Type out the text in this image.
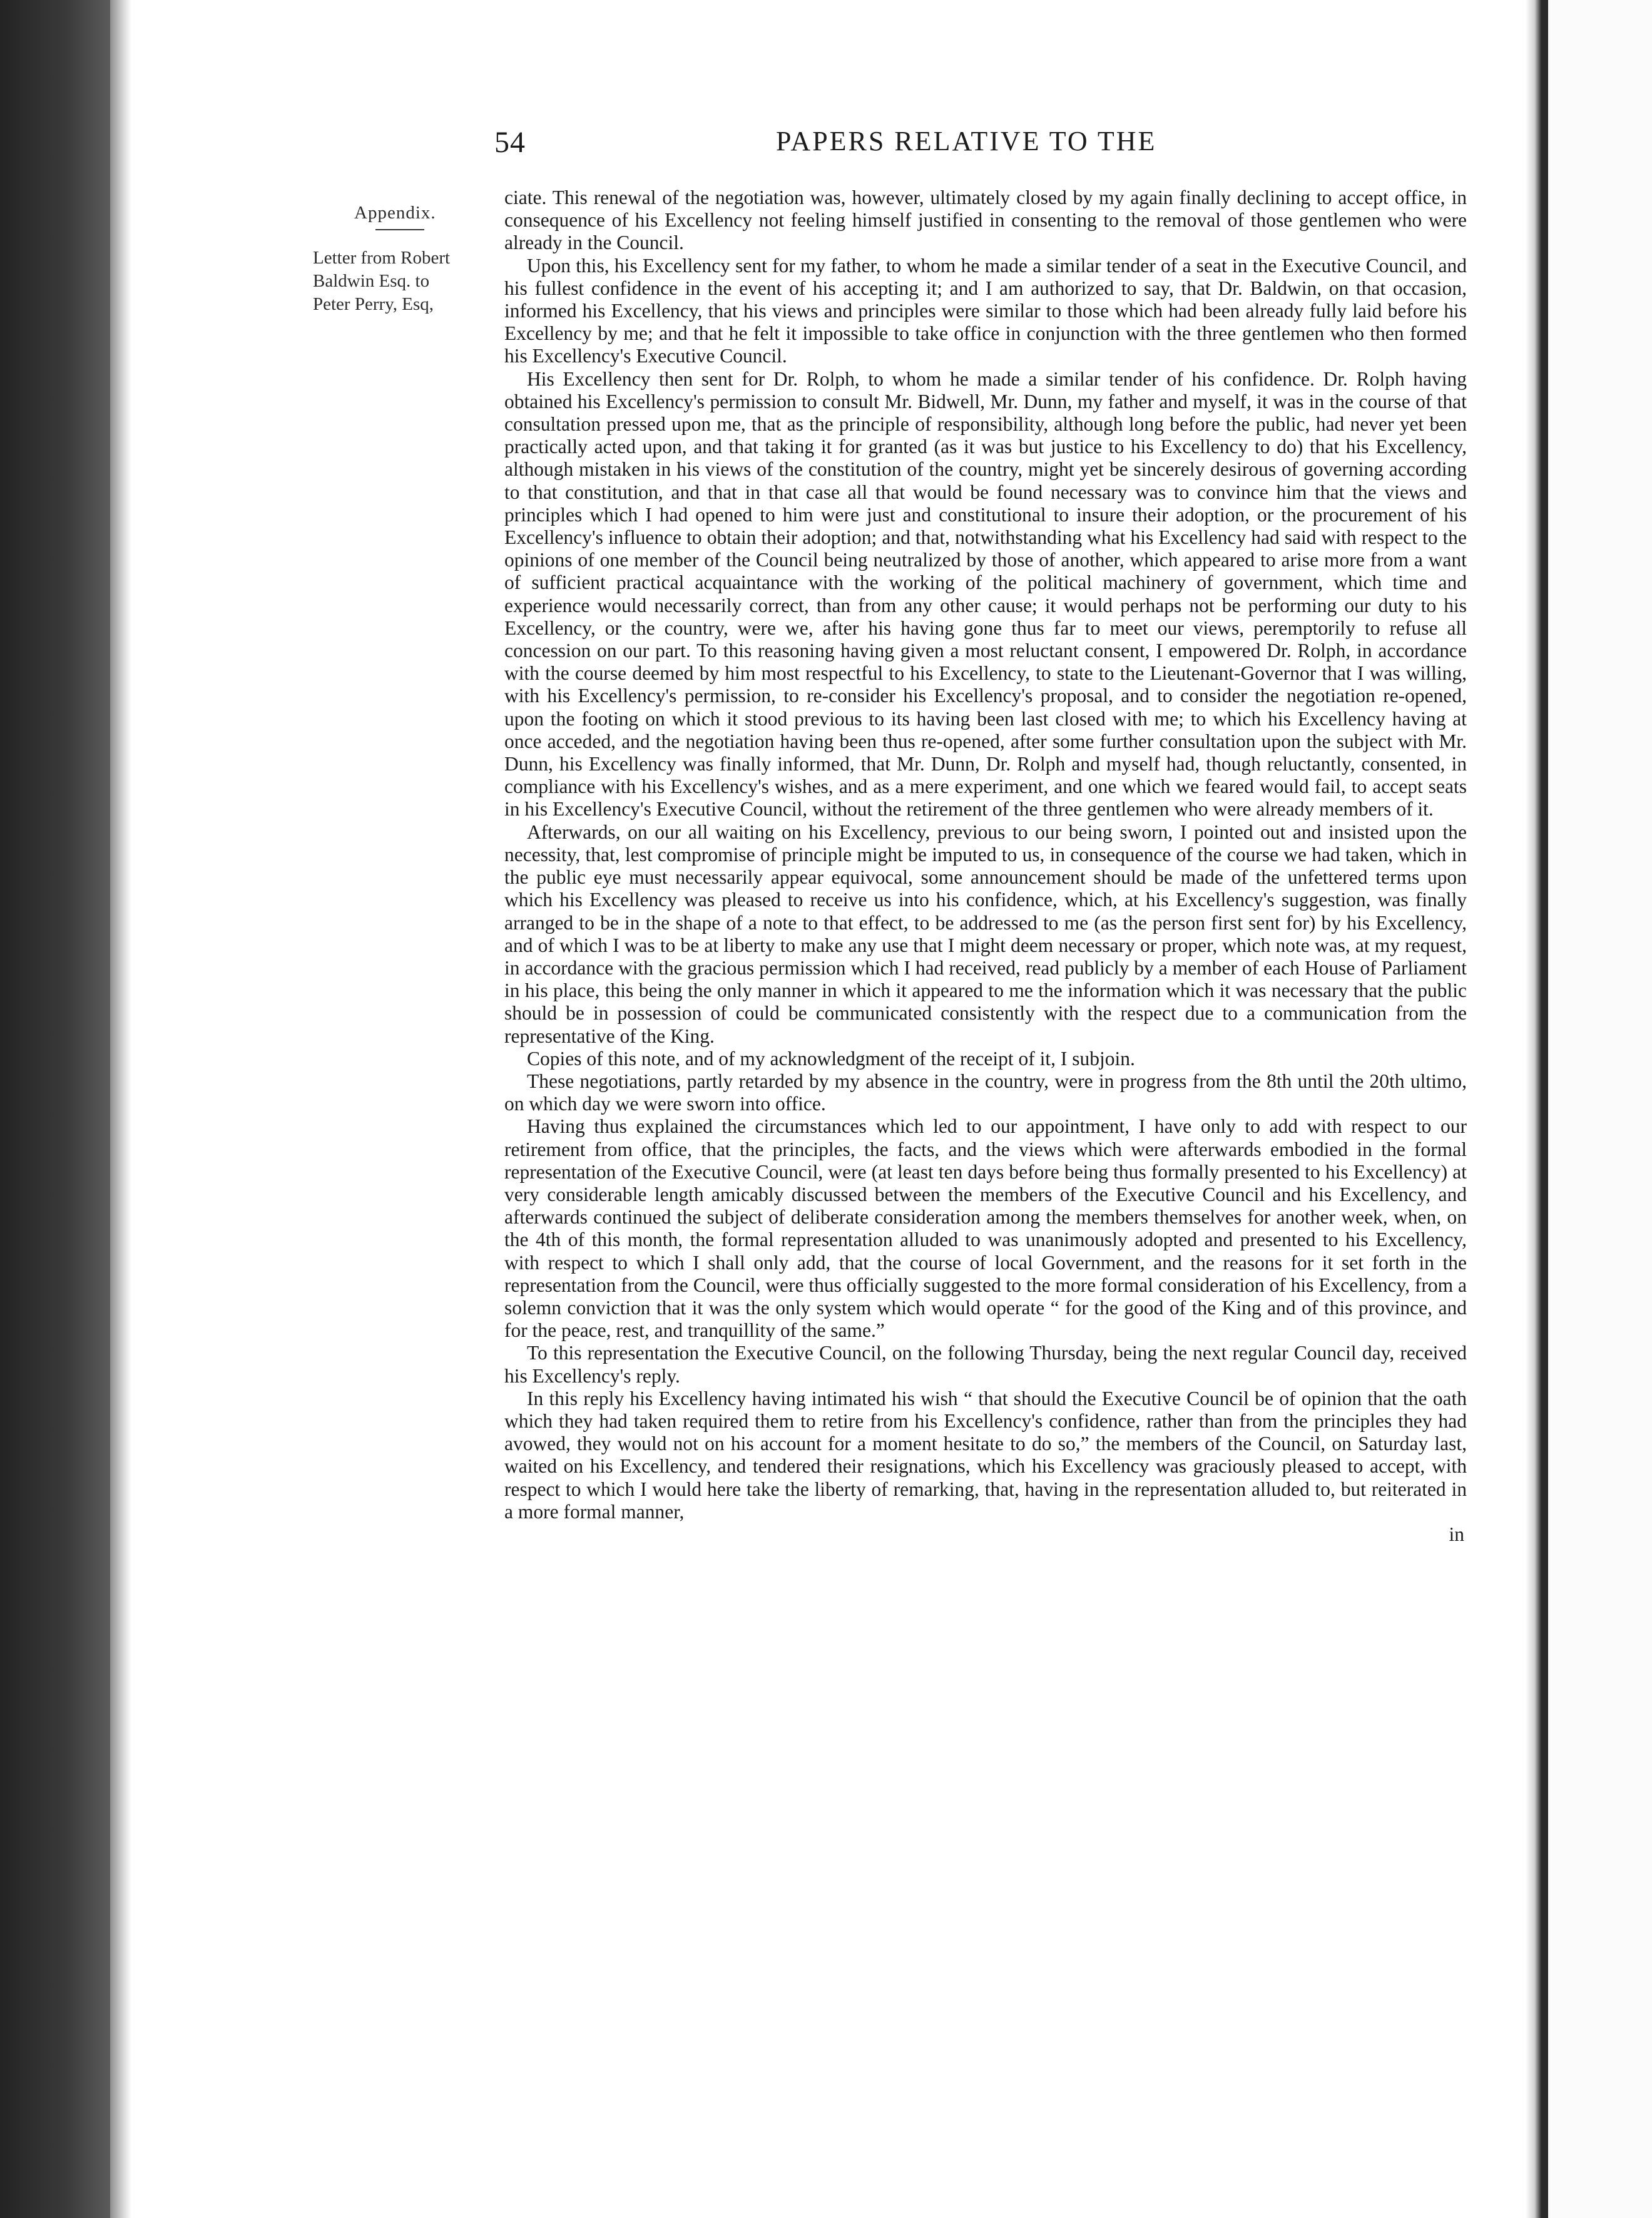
54	PAPERS RELATIVE TO THE
Appendix.
Letter from Robert
Baldwin Esq. to
Peter Perry, Esq,

ciate. This renewal of the negotiation was, however, ultimately closed by my again finally declining to accept office, in consequence of his Excellency not feeling himself justified in consenting to the removal of those gentlemen who were already in the Council.

Upon this, his Excellency sent for my father, to whom he made a similar tender of a seat in the Executive Council, and his fullest confidence in the event of his accepting it; and I am authorized to say, that Dr. Baldwin, on that occasion, informed his Excellency, that his views and principles were similar to those which had been already fully laid before his Excellency by me; and that he felt it impossible to take office in conjunction with the three gentlemen who then formed his Excellency's Executive Council.

His Excellency then sent for Dr. Rolph, to whom he made a similar tender of his confidence. Dr. Rolph having obtained his Excellency's permission to consult Mr. Bidwell, Mr. Dunn, my father and myself, it was in the course of that consultation pressed upon me, that as the principle of responsibility, although long before the public, had never yet been practically acted upon, and that taking it for granted (as it was but justice to his Excellency to do) that his Excellency, although mistaken in his views of the constitution of the country, might yet be sincerely desirous of governing according to that constitution, and that in that case all that would be found necessary was to convince him that the views and principles which I had opened to him were just and constitutional to insure their adoption, or the procurement of his Excellency's influence to obtain their adoption; and that, notwithstanding what his Excellency had said with respect to the opinions of one member of the Council being neutralized by those of another, which appeared to arise more from a want of sufficient practical acquaintance with the working of the political machinery of government, which time and experience would necessarily correct, than from any other cause; it would perhaps not be performing our duty to his Excellency, or the country, were we, after his having gone thus far to meet our views, peremptorily to refuse all concession on our part. To this reasoning having given a most reluctant consent, I empowered Dr. Rolph, in accordance with the course deemed by him most respectful to his Excellency, to state to the Lieutenant-Governor that I was willing, with his Excellency's permission, to re-consider his Excellency's proposal, and to consider the negotiation re-opened, upon the footing on which it stood previous to its having been last closed with me; to which his Excellency having at once acceded, and the negotiation having been thus re-opened, after some further consultation upon the subject with Mr. Dunn, his Excellency was finally informed, that Mr. Dunn, Dr. Rolph and myself had, though reluctantly, consented, in compliance with his Excellency's wishes, and as a mere experiment, and one which we feared would fail, to accept seats in his Excellency's Executive Council, without the retirement of the three gentlemen who were already members of it.

Afterwards, on our all waiting on his Excellency, previous to our being sworn, I pointed out and insisted upon the necessity, that, lest compromise of principle might be imputed to us, in consequence of the course we had taken, which in the public eye must necessarily appear equivocal, some announcement should be made of the unfettered terms upon which his Excellency was pleased to receive us into his confidence, which, at his Excellency's suggestion, was finally arranged to be in the shape of a note to that effect, to be addressed to me (as the person first sent for) by his Excellency, and of which I was to be at liberty to make any use that I might deem necessary or proper, which note was, at my request, in accordance with the gracious permission which I had received, read publicly by a member of each House of Parliament in his place, this being the only manner in which it appeared to me the information which it was necessary that the public should be in possession of could be communicated consistently with the respect due to a communication from the representative of the King.

Copies of this note, and of my acknowledgment of the receipt of it, I subjoin.

These negotiations, partly retarded by my absence in the country, were in progress from the 8th until the 20th ultimo, on which day we were sworn into office.

Having thus explained the circumstances which led to our appointment, I have only to add with respect to our retirement from office, that the principles, the facts, and the views which were afterwards embodied in the formal representation of the Executive Council, were (at least ten days before being thus formally presented to his Excellency) at very considerable length amicably discussed between the members of the Executive Council and his Excellency, and afterwards continued the subject of deliberate consideration among the members themselves for another week, when, on the 4th of this month, the formal representation alluded to was unanimously adopted and presented to his Excellency, with respect to which I shall only add, that the course of local Government, and the reasons for it set forth in the representation from the Council, were thus officially suggested to the more formal consideration of his Excellency, from a solemn conviction that it was the only system which would operate “ for the good of the King and of this province, and for the peace, rest, and tranquillity of the same.”

To this representation the Executive Council, on the following Thursday, being the next regular Council day, received his Excellency's reply.

In this reply his Excellency having intimated his wish “ that should the Executive Council be of opinion that the oath which they had taken required them to retire from his Excellency's confidence, rather than from the principles they had avowed, they would not on his account for a moment hesitate to do so,” the members of the Council, on Saturday last, waited on his Excellency, and tendered their resignations, which his Excellency was graciously pleased to accept, with respect to which I would here take the liberty of remarking, that, having in the representation alluded to, but reiterated in a more formal manner,

in
